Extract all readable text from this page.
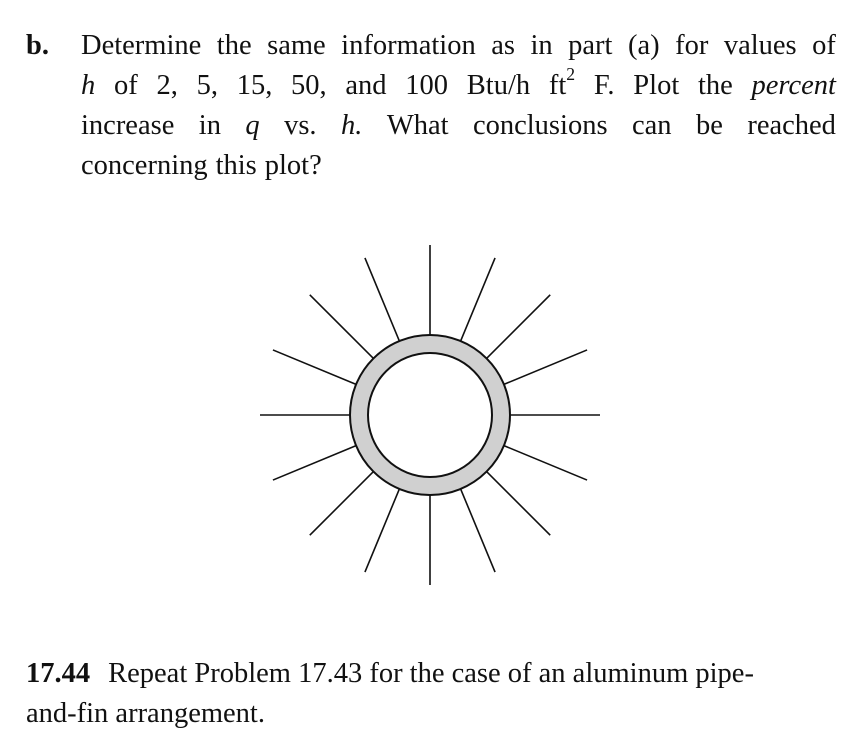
b. Determine the same information as in part (a) for values of
h of 2, 5, 15, 50, and 100 Btu/h $ft^2$ F. Plot the percent
increase in q vs. h. What conclusions can be reached
concerning this plot?
17.44 Repeat Problem 17.43 for the case of an aluminum pipe-
and-fin arrangement.
